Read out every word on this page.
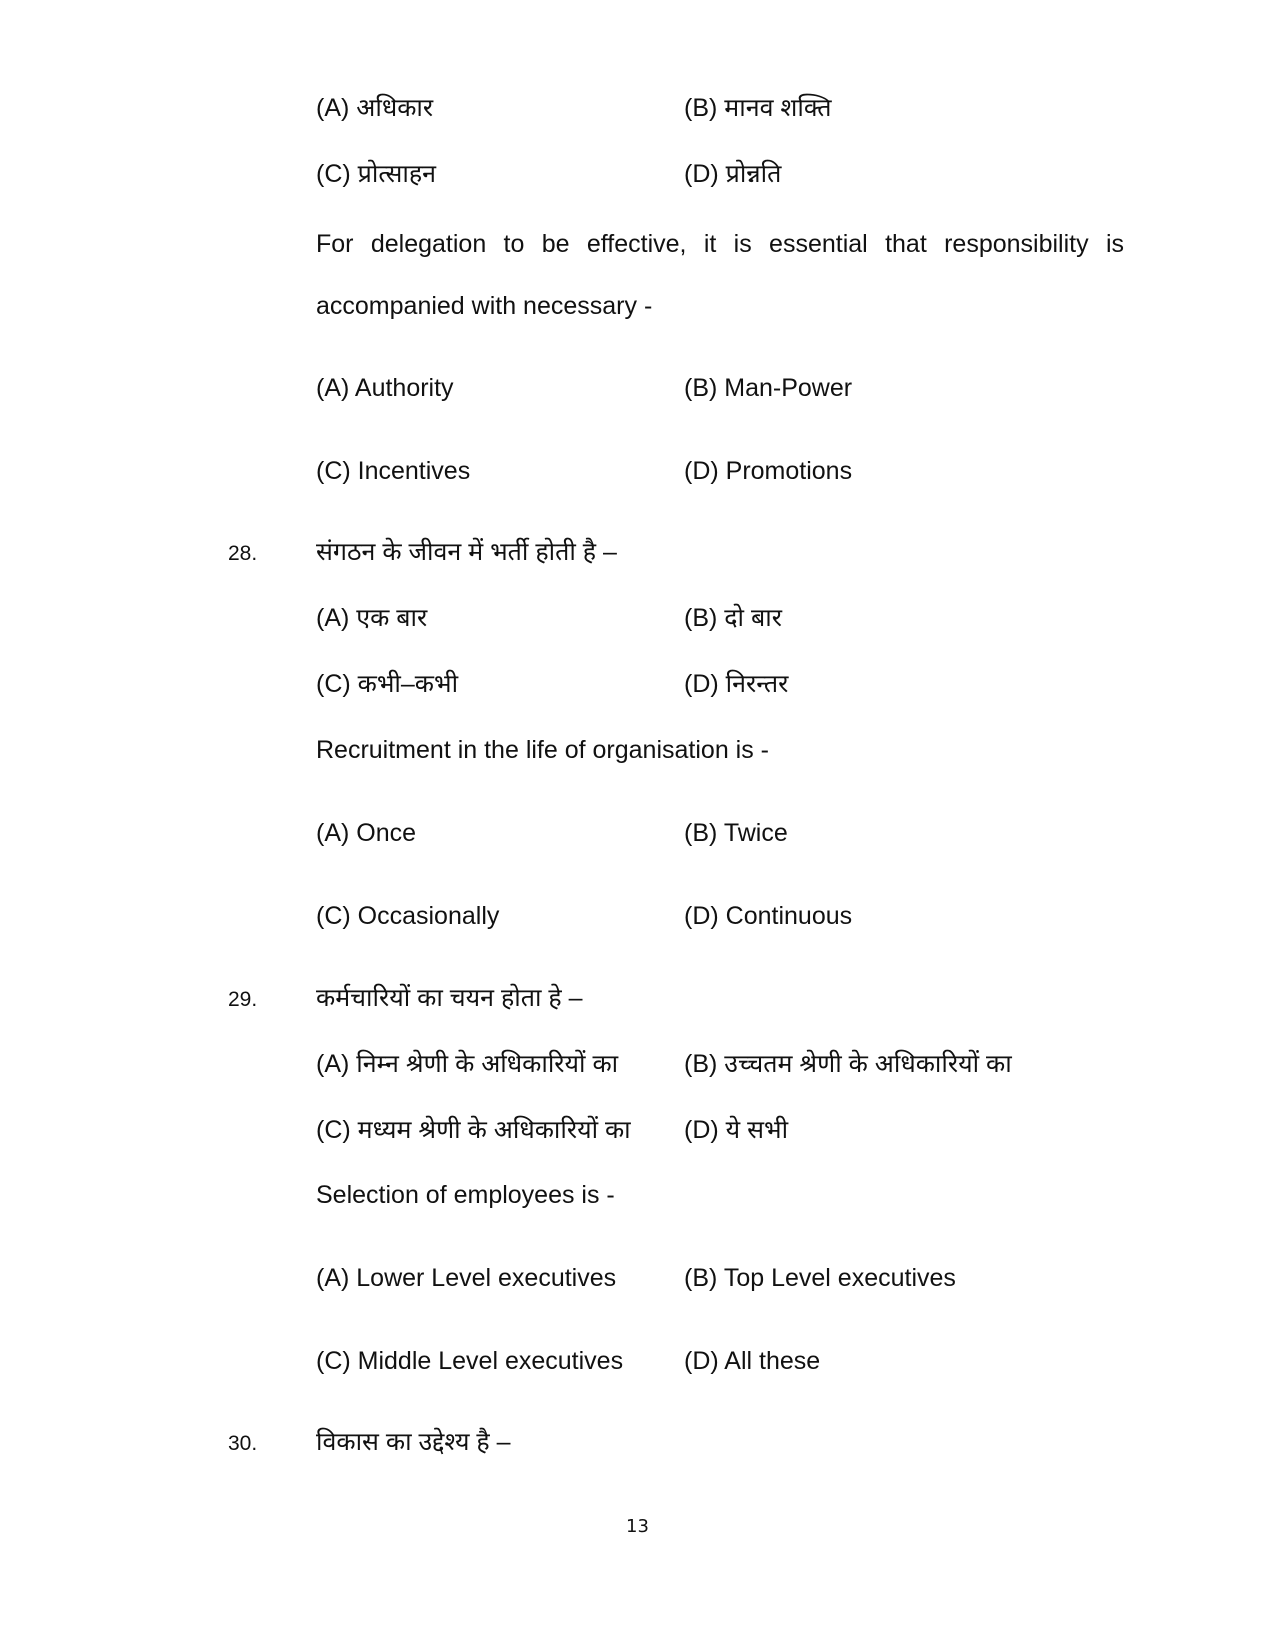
(A) अधिकार	(B) मानव शक्ति
(C) प्रोत्साहन	(D) प्रोन्नति
For delegation to be effective, it is essential that responsibility is accompanied with necessary -
(A) Authority	(B) Man-Power
(C) Incentives	(D) Promotions
28. संगठन के जीवन में भर्ती होती है –
(A) एक बार	(B) दो बार
(C) कभी–कभी	(D) निरन्तर
Recruitment in the life of organisation is -
(A) Once	(B) Twice
(C) Occasionally	(D) Continuous
29. कर्मचारियों का चयन होता हे –
(A) निम्न श्रेणी के अधिकारियों का	(B) उच्चतम श्रेणी के अधिकारियों का
(C) मध्यम श्रेणी के अधिकारियों का (D) ये सभी
Selection of employees is -
(A) Lower Level executives	(B) Top Level executives
(C) Middle Level executives (D) All these
30. विकास का उद्देश्य है –
13
